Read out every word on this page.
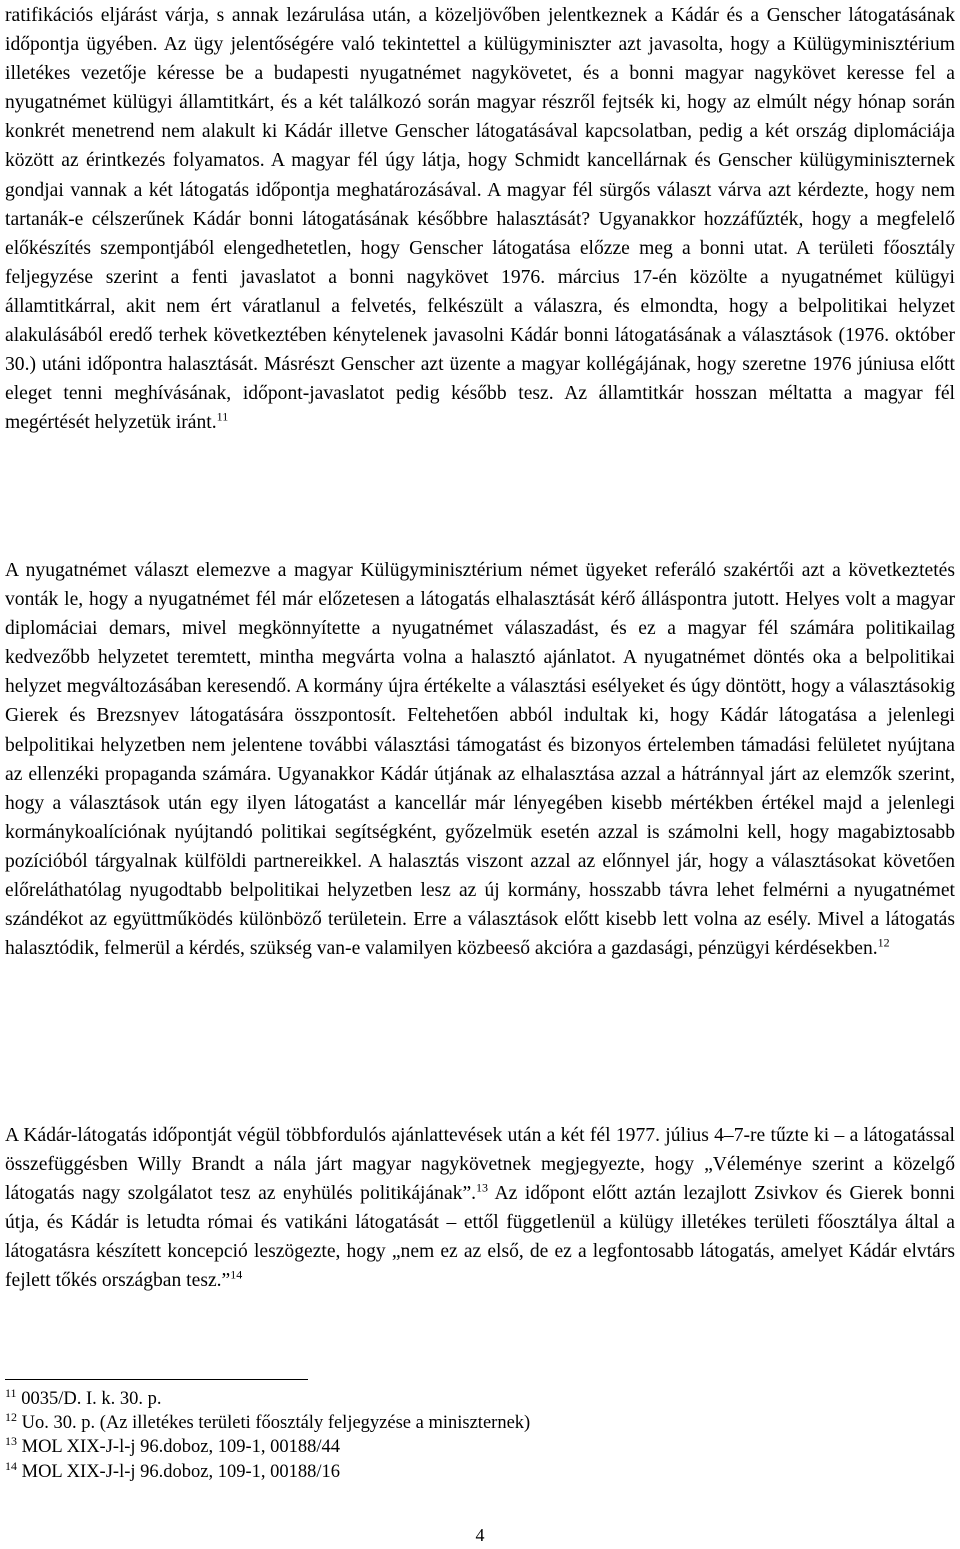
ratifikációs eljárást várja, s annak lezárulása után, a közeljövőben jelentkeznek a Kádár és a Genscher látogatásának időpontja ügyében. Az ügy jelentőségére való tekintettel a külügyminiszter azt javasolta, hogy a Külügyminisztérium illetékes vezetője kéresse be a budapesti nyugatnémet nagykövetet, és a bonni magyar nagykövet keresse fel a nyugatnémet külügyi államtitkárt, és a két találkozó során magyar részről fejtsék ki, hogy az elmúlt négy hónap során konkrét menetrend nem alakult ki Kádár illetve Genscher látogatásával kapcsolatban, pedig a két ország diplomáciája között az érintkezés folyamatos. A magyar fél úgy látja, hogy Schmidt kancellárnak és Genscher külügyminiszternek gondjai vannak a két látogatás időpontja meghatározásával. A magyar fél sürgős választ várva azt kérdezte, hogy nem tartanák-e célszerűnek Kádár bonni látogatásának későbbre halasztását? Ugyanakkor hozzáfűzték, hogy a megfelelő előkészítés szempontjából elengedhetetlen, hogy Genscher látogatása előzze meg a bonni utat. A területi főosztály feljegyzése szerint a fenti javaslatot a bonni nagykövet 1976. március 17-én közölte a nyugatnémet külügyi államtitkárral, akit nem ért váratlanul a felvetés, felkészült a válaszra, és elmondta, hogy a belpolitikai helyzet alakulásából eredő terhek következtében kénytelenek javasolni Kádár bonni látogatásának a választások (1976. október 30.) utáni időpontra halasztását. Másrészt Genscher azt üzente a magyar kollégájának, hogy szeretne 1976 júniusa előtt eleget tenni meghívásának, időpont-javaslatot pedig később tesz. Az államtitkár hosszan méltatta a magyar fél megértését helyzetük iránt.$^{11}$

A nyugatnémet választ elemezve a magyar Külügyminisztérium német ügyeket referáló szakértői azt a következtetés vonták le, hogy a nyugatnémet fél már előzetesen a látogatás elhalasztását kérő álláspontra jutott. Helyes volt a magyar diplomáciai demars, mivel megkönnyítette a nyugatnémet válaszadást, és ez a magyar fél számára politikailag kedvezőbb helyzetet teremtett, mintha megvárta volna a halasztó ajánlatot. A nyugatnémet döntés oka a belpolitikai helyzet megváltozásában keresendő. A kormány újra értékelte a választási esélyeket és úgy döntött, hogy a választásokig Gierek és Brezsnyev látogatására összpontosít. Feltehetően abból indultak ki, hogy Kádár látogatása a jelenlegi belpolitikai helyzetben nem jelentene további választási támogatást és bizonyos értelemben támadási felületet nyújtana az ellenzéki propaganda számára. Ugyanakkor Kádár útjának az elhalasztása azzal a hátránnyal járt az elemzők szerint, hogy a választások után egy ilyen látogatást a kancellár már lényegében kisebb mértékben értékel majd a jelenlegi kormánykoalíciónak nyújtandó politikai segítségként, győzelmük esetén azzal is számolni kell, hogy magabiztosabb pozícióból tárgyalnak külföldi partnereikkel. A halasztás viszont azzal az előnnyel jár, hogy a választásokat követően előreláthatólag nyugodtabb belpolitikai helyzetben lesz az új kormány, hosszabb távra lehet felmérni a nyugatnémet szándékot az együttműködés különböző területein. Erre a választások előtt kisebb lett volna az esély. Mivel a látogatás halasztódik, felmerül a kérdés, szükség van-e valamilyen közbeeső akcióra a gazdasági, pénzügyi kérdésekben.$^{12}$

A Kádár-látogatás időpontját végül többfordulós ajánlattevések után a két fél 1977. július 4–7-re tűzte ki – a látogatással összefüggésben Willy Brandt a nála járt magyar nagykövetnek megjegyezte, hogy „Véleménye szerint a közelgő látogatás nagy szolgálatot tesz az enyhülés politikájának”.$^{13}$ Az időpont előtt aztán lezajlott Zsivkov és Gierek bonni útja, és Kádár is letudta római és vatikáni látogatását – ettől függetlenül a külügy illetékes területi főosztálya által a látogatásra készített koncepció leszögezte, hogy „nem ez az első, de ez a legfontosabb látogatás, amelyet Kádár elvtárs fejlett tőkés országban tesz.”$^{14}$

$^{11}$ 0035/D. I. k. 30. p.

$^{12}$ Uo. 30. p. (Az illetékes területi főosztály feljegyzése a miniszternek)

$^{13}$ MOL XIX-J-l-j 96.doboz, 109-1, 00188/44

$^{14}$ MOL XIX-J-l-j 96.doboz, 109-1, 00188/16

4
